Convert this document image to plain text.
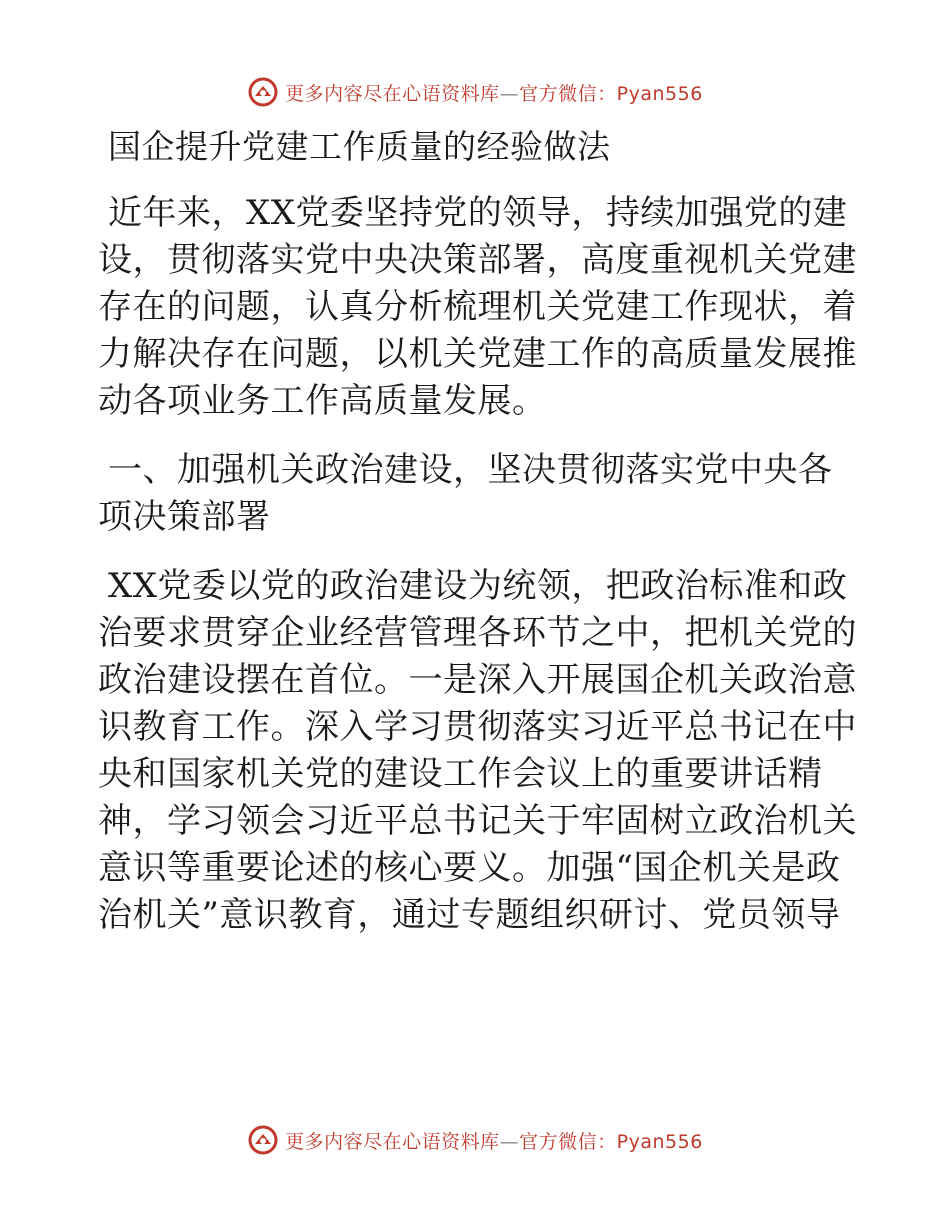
更多内容尽在心语资料库—官方微信：Pyan556
国企提升党建工作质量的经验做法
近年来，XX党委坚持党的领导，持续加强党的建
设，贯彻落实党中央决策部署，高度重视机关党建
存在的问题，认真分析梳理机关党建工作现状，着
力解决存在问题，以机关党建工作的高质量发展推
动各项业务工作高质量发展。
一、加强机关政治建设，坚决贯彻落实党中央各
项决策部署
XX党委以党的政治建设为统领，把政治标准和政
治要求贯穿企业经营管理各环节之中，把机关党的
政治建设摆在首位。一是深入开展国企机关政治意
识教育工作。深入学习贯彻落实习近平总书记在中
央和国家机关党的建设工作会议上的重要讲话精
神，学习领会习近平总书记关于牢固树立政治机关
意识等重要论述的核心要义。加强“国企机关是政
治机关”意识教育，通过专题组织研讨、党员领导
更多内容尽在心语资料库—官方微信：Pyan556
